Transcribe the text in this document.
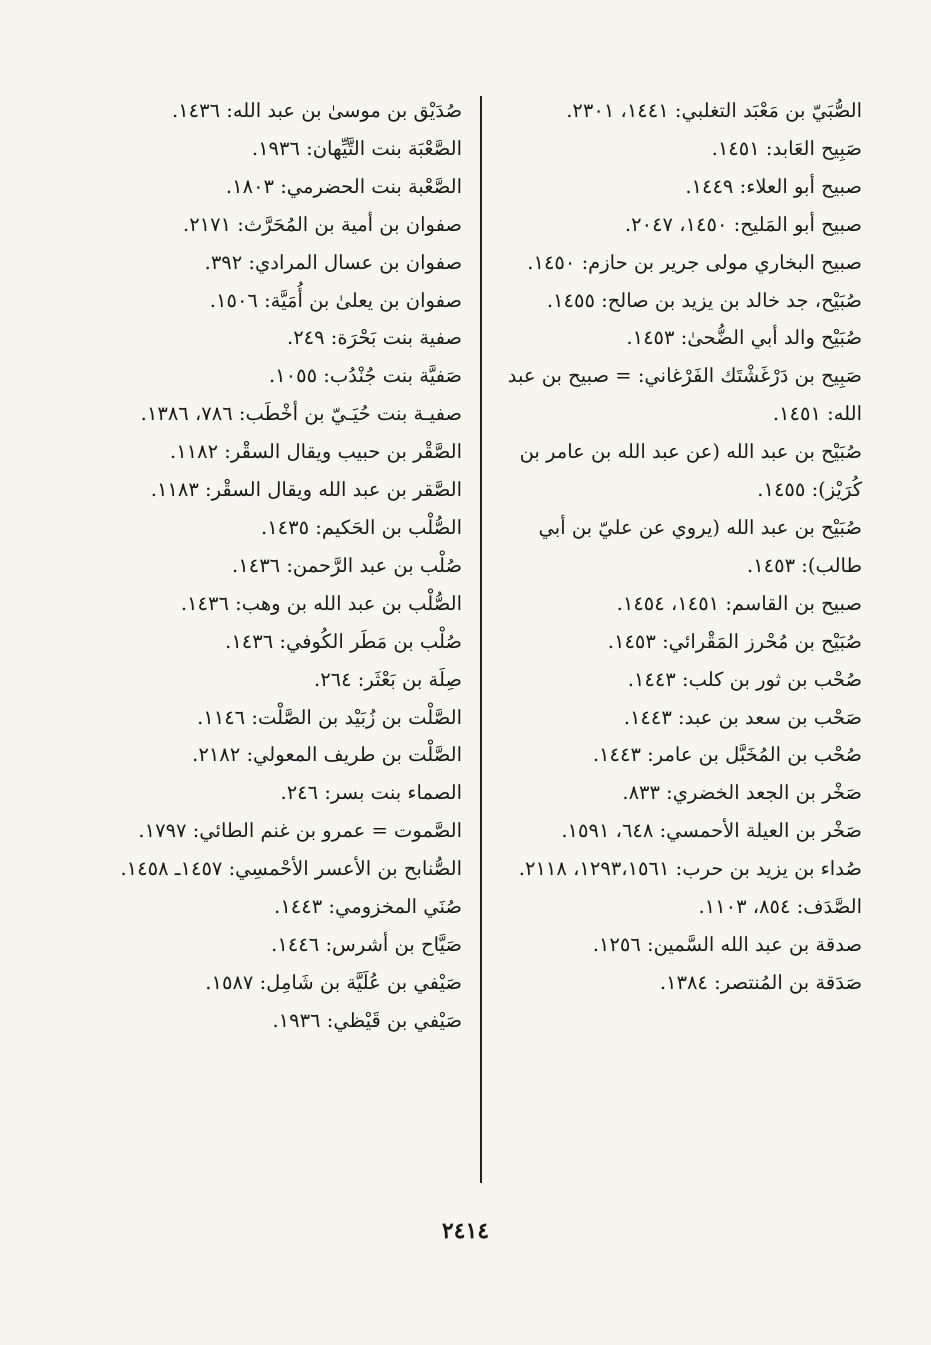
الصُّبَيّ بن مَعْبَد التغلبي: ١٤٤١، ٢٣٠١.

صَبِيح العَابد: ١٤٥١.

صبيح أبو العلاء: ١٤٤٩.

صبيح أبو المَليح: ١٤٥٠، ٢٠٤٧.

صبيح البخاري مولى جرير بن حازم: ١٤٥٠.

صُبَيْح، جد خالد بن يزيد بن صالح: ١٤٥٥.

صُبَيْح والد أبي الضُّحىٰ: ١٤٥٣.

صَبِيح بن دَرْغَشْتَك الفَرْغاني: = صبيح بن عبد الله: ١٤٥١.

صُبَيْح بن عبد الله (عن عبد الله بن عامر بن كُرَيْز): ١٤٥٥.

صُبَيْح بن عبد الله (يروي عن عليّ بن أبي طالب): ١٤٥٣.

صبيح بن القاسم: ١٤٥١، ١٤٥٤.

صُبَيْح بن مُحْرز المَقْرائي: ١٤٥٣.

صُحْب بن ثور بن كلب: ١٤٤٣.

صَحْب بن سعد بن عبد: ١٤٤٣.

صُحْب بن المُخَبَّل بن عامر: ١٤٤٣.

صَخْر بن الجعد الخضري: ٨٣٣.

صَخْر بن العيلة الأحمسي: ٦٤٨، ١٥٩١.

صُداء بن يزيد بن حرب: ١٢٩٣،١٥٦١، ٢١١٨.

الصَّدَف: ٨٥٤، ١١٠٣.

صدقة بن عبد الله السَّمين: ١٢٥٦.

صَدَقة بن المُنتصر: ١٣٨٤.

صُدَيْق بن موسىٰ بن عبد الله: ١٤٣٦.

الصَّعْبَة بنت التَّيِّهان: ١٩٣٦.

الصَّعْبة بنت الحضرمي: ١٨٠٣.

صفوان بن أمية بن المُحَرَّث: ٢١٧١.

صفوان بن عسال المرادي: ٣٩٢.

صفوان بن يعلىٰ بن أُمَيَّة: ١٥٠٦.

صفية بنت بَحْرَة: ٢٤٩.

صَفيَّة بنت جُنْدُب: ١٠٥٥.

صفيـة بنت حُيَـيّ بن أخْطَب: ٧٨٦، ١٣٨٦.

الصَّقْر بن حبيب ويقال السقْر: ١١٨٢.

الصَّقر بن عبد الله ويقال السقْر: ١١٨٣.

الصُّلْب بن الحَكيم: ١٤٣٥.

صُلْب بن عبد الرَّحمن: ١٤٣٦.

الصُّلْب بن عبد الله بن وهب: ١٤٣٦.

صُلْب بن مَطَر الكُوفي: ١٤٣٦.

صِلَة بن بَعْثَر: ٢٦٤.

الصَّلْت بن زُبَيْد بن الصَّلْت: ١١٤٦.

الصَّلْت بن طريف المعولي: ٢١٨٢.

الصماء بنت بسر: ٢٤٦.

الصَّموت = عمرو بن غنم الطائي: ١٧٩٧.

الصُّنابح بن الأعسر الأحْمسِي: ١٤٥٧ـ ١٤٥٨.

صُنَي المخزومي: ١٤٤٣.

صَيَّاح بن أشرس: ١٤٤٦.

صَيْفي بن عُلَيَّة بن شَامِل: ١٥٨٧.

صَيْفي بن قَيْظي: ١٩٣٦.

٢٤١٤
